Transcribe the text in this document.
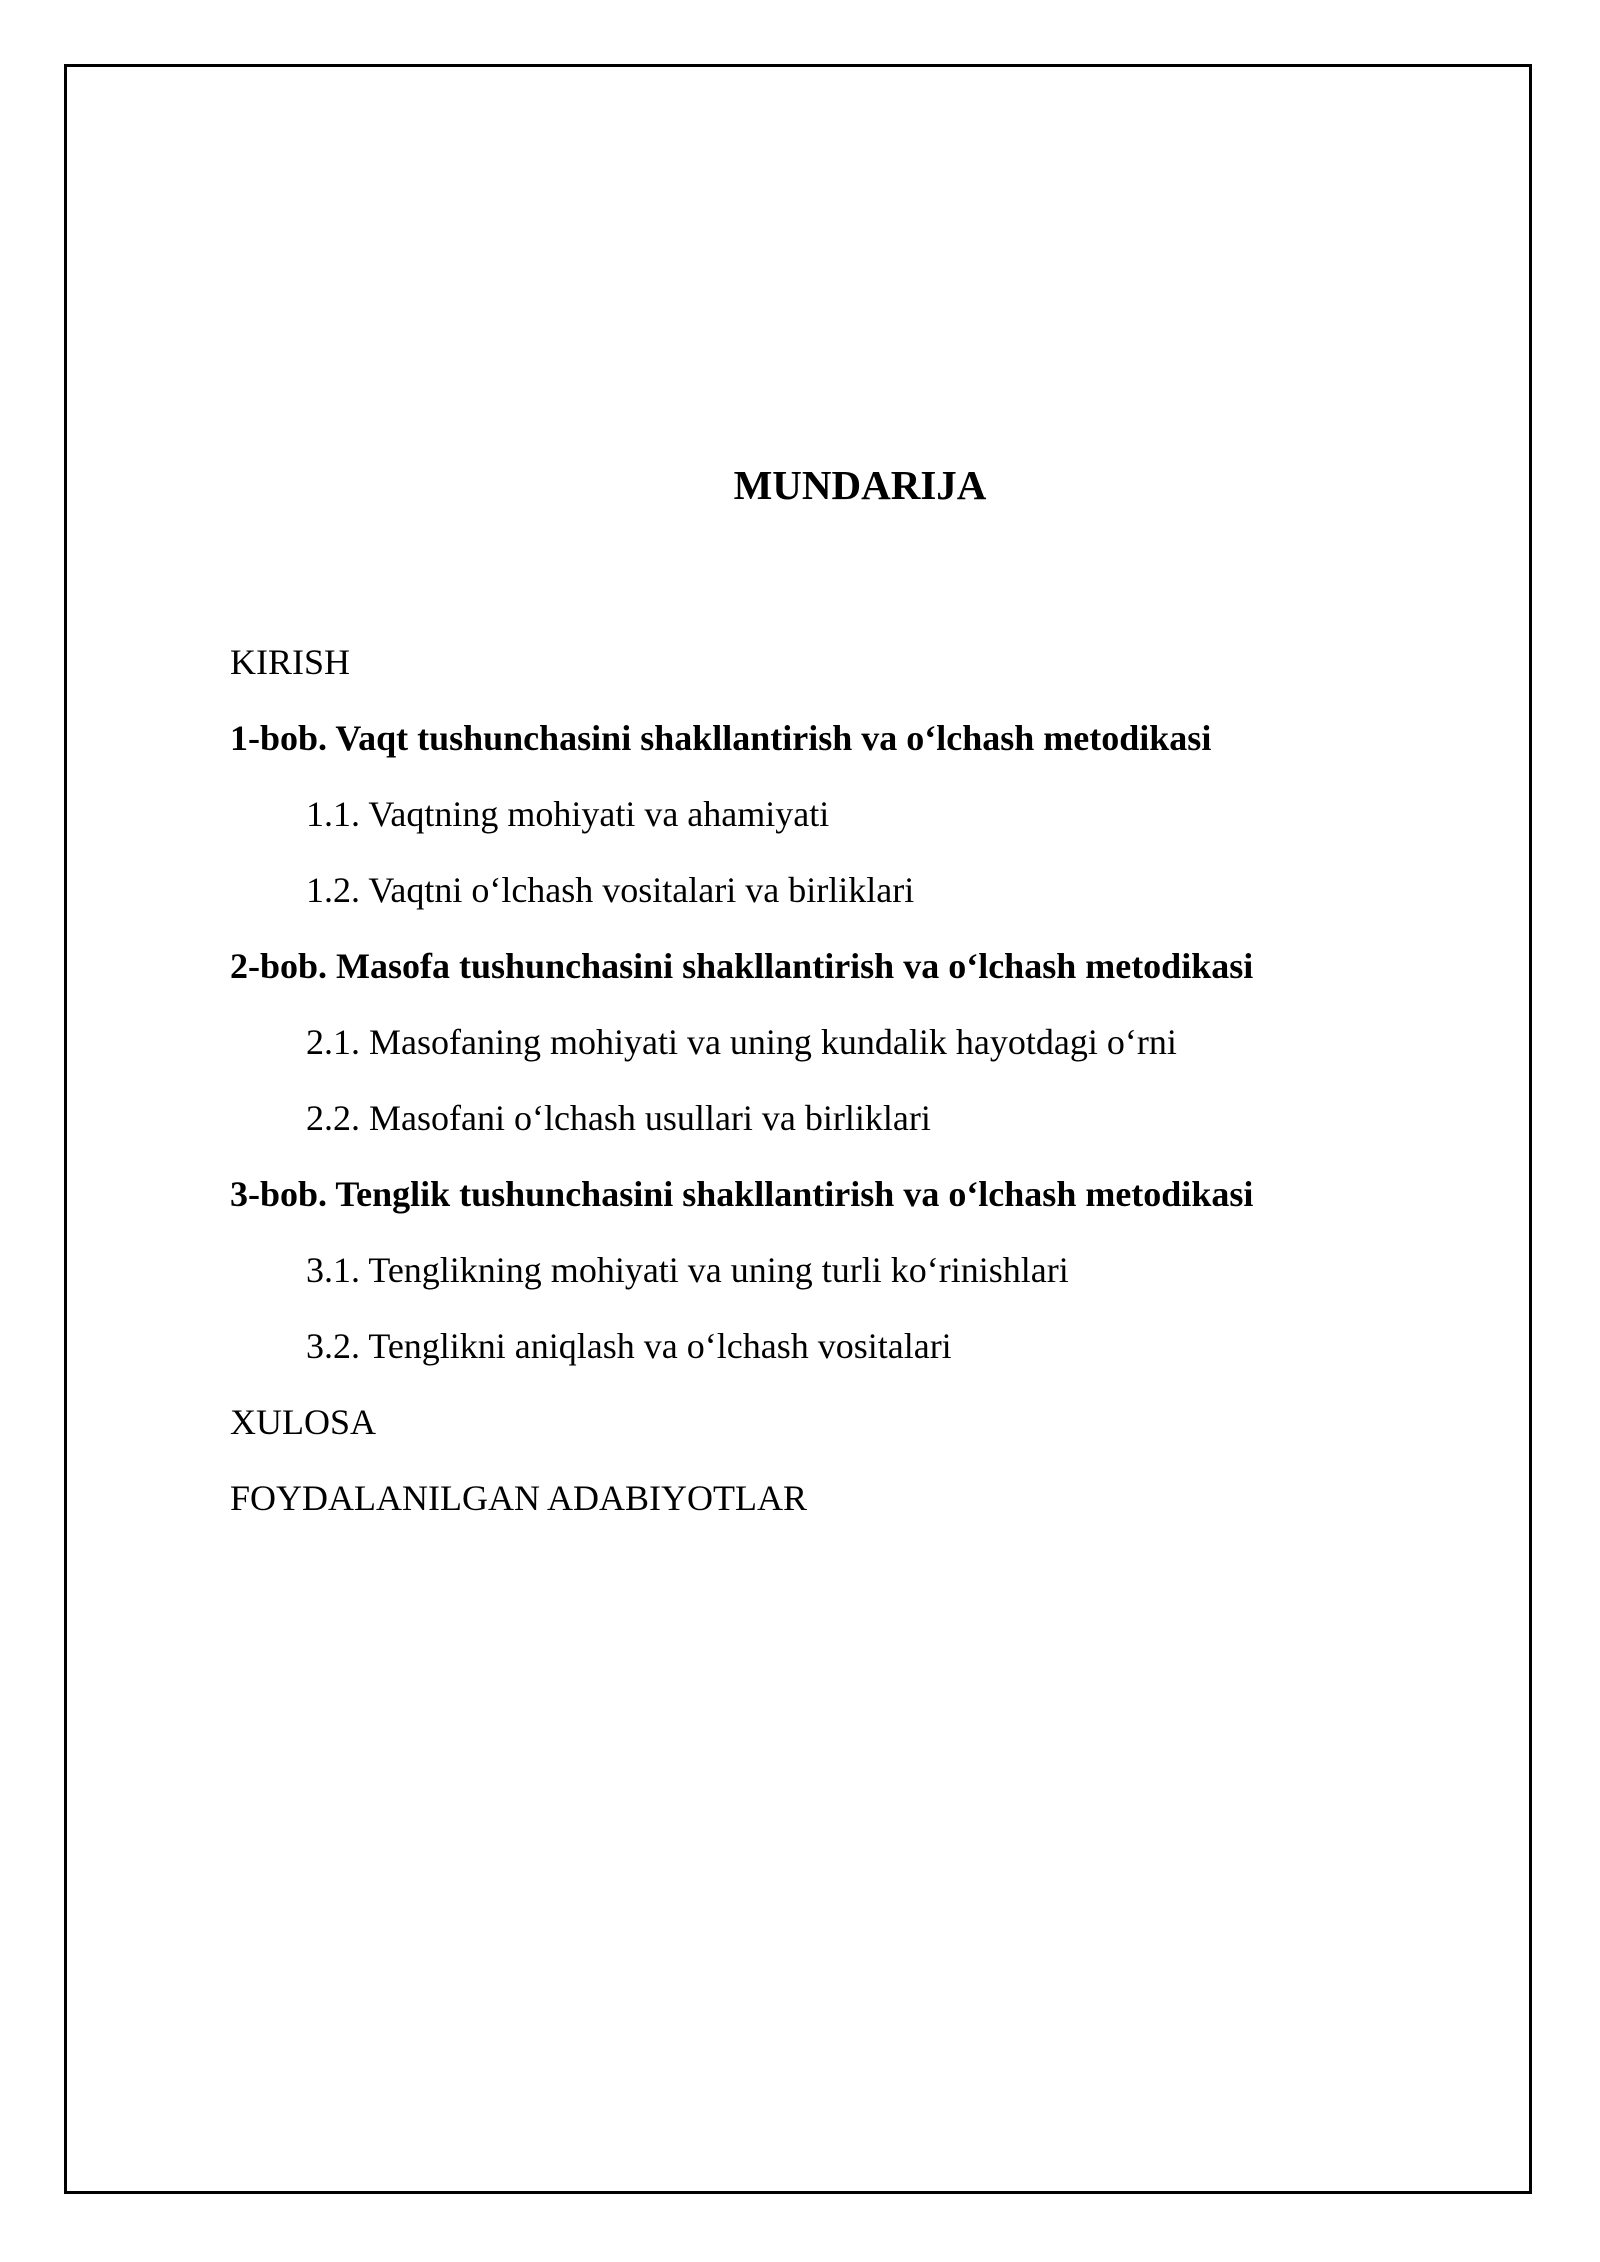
MUNDARIJA
KIRISH
1-bob. Vaqt tushunchasini shakllantirish va o‘lchash metodikasi
1.1. Vaqtning mohiyati va ahamiyati
1.2. Vaqtni o‘lchash vositalari va birliklari
2-bob. Masofa tushunchasini shakllantirish va o‘lchash metodikasi
2.1. Masofaning mohiyati va uning kundalik hayotdagi o‘rni
2.2. Masofani o‘lchash usullari va birliklari
3-bob. Tenglik tushunchasini shakllantirish va o‘lchash metodikasi
3.1. Tenglikning mohiyati va uning turli ko‘rinishlari
3.2. Tenglikni aniqlash va o‘lchash vositalari
XULOSA
FOYDALANILGAN ADABIYOTLAR
